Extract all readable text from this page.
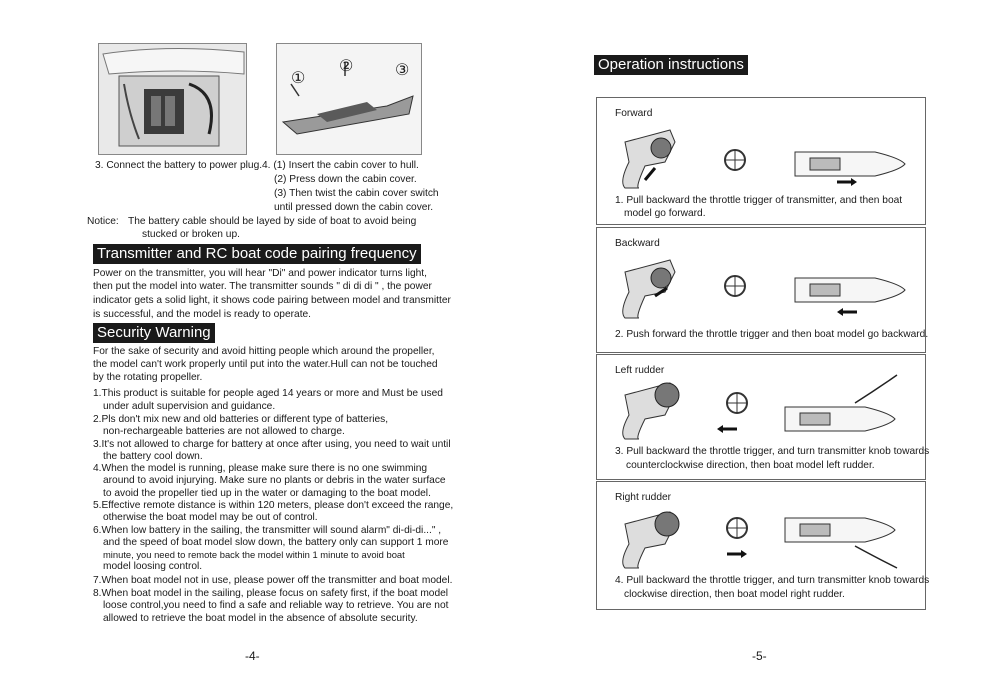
①
②	③
3. Connect the battery to power plug. 4. (1) Insert the cabin cover to hull.
(2) Press down the cabin cover.
(3) Then twist the cabin cover switch
until pressed down the cabin cover.
Notice: The battery cable should be layed by side of boat to avoid being
stucked or broken up.
Transmitter and RC boat code pairing frequency
Power on the transmitter, you will hear "Di" and power indicator turns light,
then put the model into water. The transmitter sounds " di di di " , the power
indicator gets a solid light, it shows code pairing between model and transmitter
is successful, and the model is ready to operate.
Security Warning
For the sake of security and avoid hitting people which around the propeller,
the model can't work properly until put into the water.Hull can not be touched
by the rotating propeller.
1.This product is suitable for people aged 14 years or more and Must be used
under adult supervision and guidance.
2.Pls don't mix new and old batteries or different type of batteries,
non-rechargeable batteries are not allowed to charge.
3.It's not allowed to charge for battery at once after using, you need to wait until
the battery cool down.
4.When the model is running, please make sure there is no one swimming
around to avoid injurying. Make sure no plants or debris in the water surface
to avoid the propeller tied up in the water or damaging to the boat model.
5.Effective remote distance is within 120 meters, please don't exceed the range,
otherwise the boat model may be out of control.
6.When low battery in the sailing, the transmitter will sound alarm" di-di-di..." ,
and the speed of boat model slow down, the battery only can support 1 more
minute, you need to remote back the model within 1 minute to avoid boat
model loosing control.
7.When boat model not in use, please power off the transmitter and boat model.
8.When boat model in the sailing, please focus on safety first, if the boat model
loose control,you need to find a safe and reliable way to retrieve. You are not
allowed to retrieve the boat model in the absence of absolute security.
-4-
Operation instructions
Forward
1. Pull backward the throttle trigger of transmitter, and then boat
model go forward.
Backward
2. Push forward the throttle trigger and then boat model go backward.
Left rudder
3. Pull backward the throttle trigger, and turn transmitter knob towards
counterclockwise direction, then boat model left rudder.
Right rudder
4. Pull backward the throttle trigger, and turn transmitter knob towards
clockwise direction, then boat model right rudder.
-5-
